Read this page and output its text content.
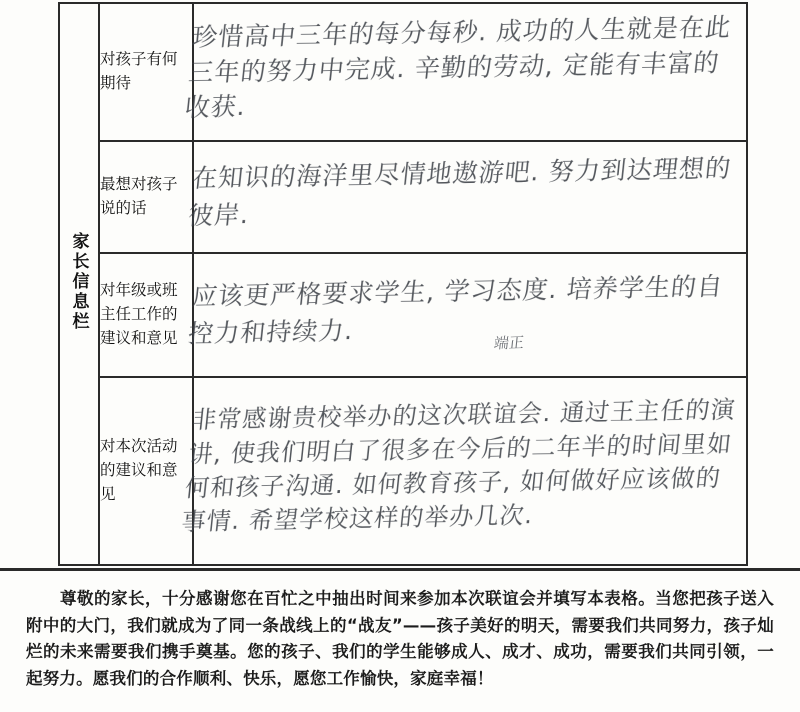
家长信息栏	对孩子有何期待	珍惜高中三年的每分每秒. 成功的人生就是在此三年的努力中完成. 辛勤的劳动, 定能有丰富的收获.

	最想对孩子说的话	在知识的海洋里尽情地遨游吧. 努力到达理想的彼岸.

	对年级或班主任工作的建议和意见	应该更严格要求学生, 学习态度. 培养学生的自控力和持续力. 端正

	对本次活动的建议和意见	非常感谢贵校举办的这次联谊会. 通过王主任的演讲, 使我们明白了很多在今后的二年半的时间里如何和孩子沟通. 如何教育孩子, 如何做好应该做的事情. 希望学校这样的举办几次.

尊敬的家长，十分感谢您在百忙之中抽出时间来参加本次联谊会并填写本表格。当您把孩子送入附中的大门，我们就成为了同一条战线上的“战友”——孩子美好的明天，需要我们共同努力，孩子灿烂的未来需要我们携手奠基。您的孩子、我们的学生能够成人、成才、成功，需要我们共同引领，一起努力。愿我们的合作顺利、快乐，愿您工作愉快，家庭幸福！
